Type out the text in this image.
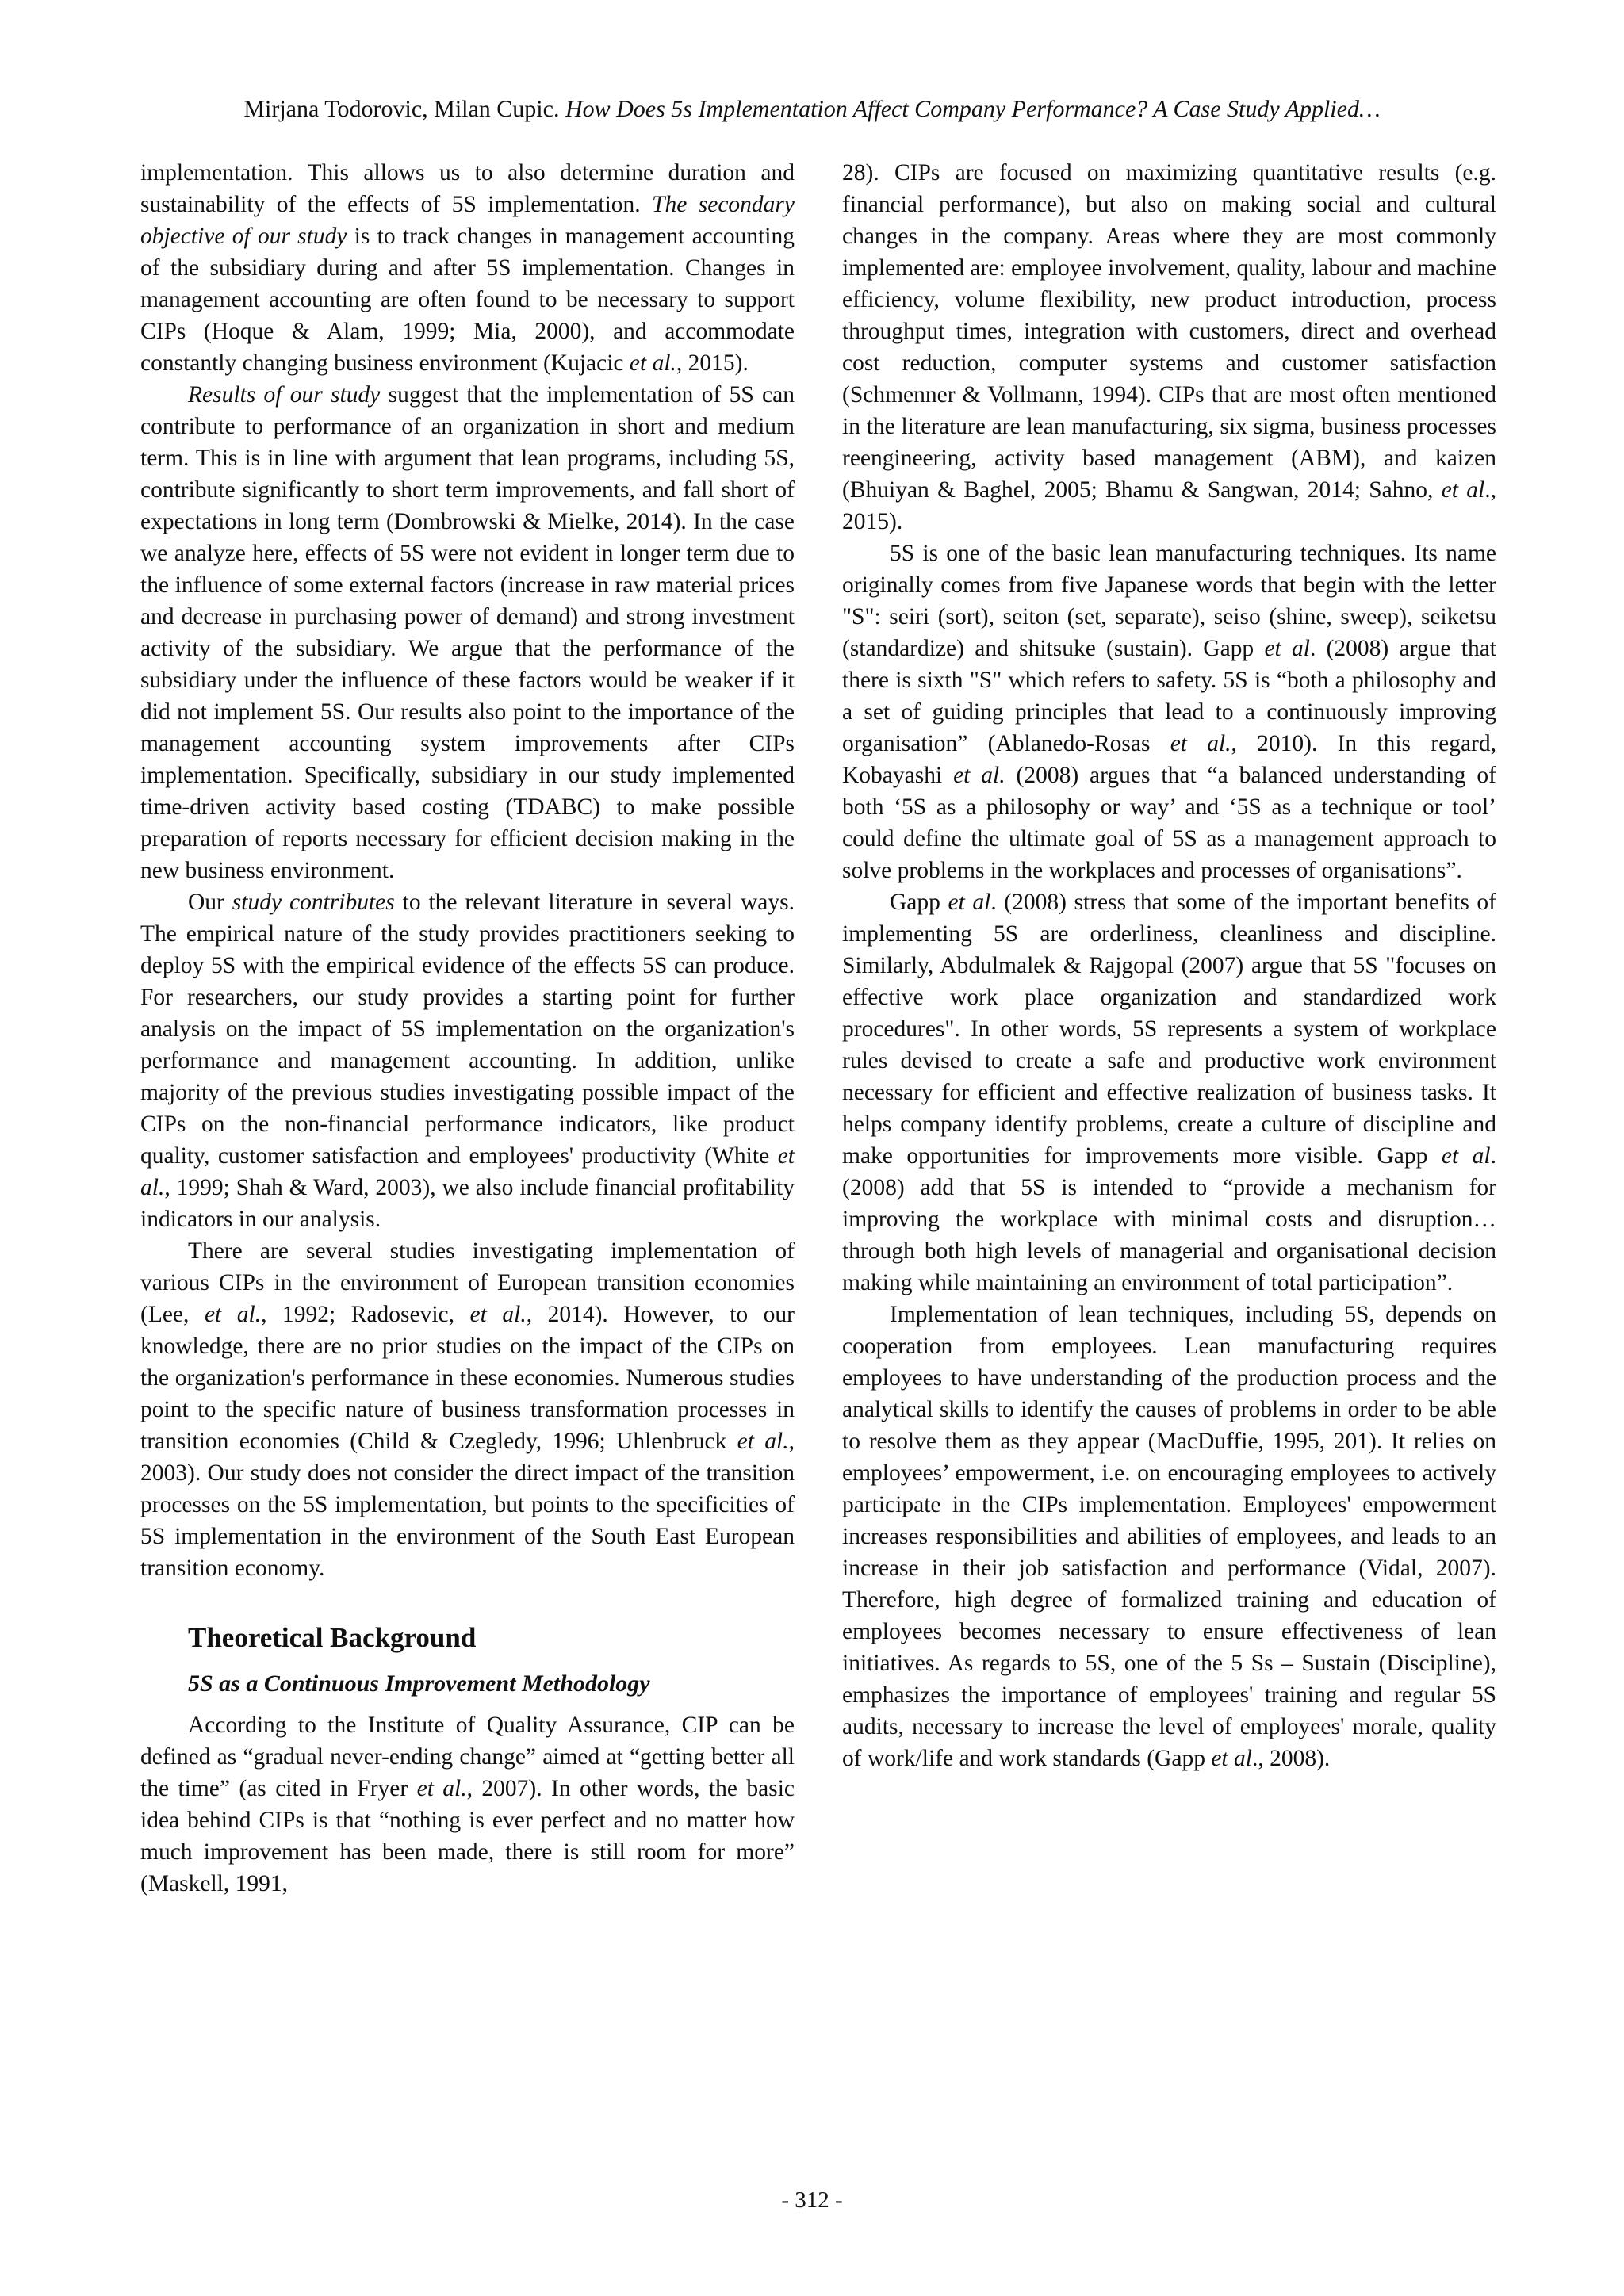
Mirjana Todorovic, Milan Cupic. How Does 5s Implementation Affect Company Performance? A Case Study Applied…

implementation. This allows us to also determine duration and sustainability of the effects of 5S implementation. The secondary objective of our study is to track changes in management accounting of the subsidiary during and after 5S implementation. Changes in management accounting are often found to be necessary to support CIPs (Hoque & Alam, 1999; Mia, 2000), and accommodate constantly changing business environment (Kujacic et al., 2015).

Results of our study suggest that the implementation of 5S can contribute to performance of an organization in short and medium term. This is in line with argument that lean programs, including 5S, contribute significantly to short term improvements, and fall short of expectations in long term (Dombrowski & Mielke, 2014). In the case we analyze here, effects of 5S were not evident in longer term due to the influence of some external factors (increase in raw material prices and decrease in purchasing power of demand) and strong investment activity of the subsidiary. We argue that the performance of the subsidiary under the influence of these factors would be weaker if it did not implement 5S. Our results also point to the importance of the management accounting system improvements after CIPs implementation. Specifically, subsidiary in our study implemented time-driven activity based costing (TDABC) to make possible preparation of reports necessary for efficient decision making in the new business environment.

Our study contributes to the relevant literature in several ways. The empirical nature of the study provides practitioners seeking to deploy 5S with the empirical evidence of the effects 5S can produce. For researchers, our study provides a starting point for further analysis on the impact of 5S implementation on the organization's performance and management accounting. In addition, unlike majority of the previous studies investigating possible impact of the CIPs on the non-financial performance indicators, like product quality, customer satisfaction and employees' productivity (White et al., 1999; Shah & Ward, 2003), we also include financial profitability indicators in our analysis.

There are several studies investigating implementation of various CIPs in the environment of European transition economies (Lee, et al., 1992; Radosevic, et al., 2014). However, to our knowledge, there are no prior studies on the impact of the CIPs on the organization's performance in these economies. Numerous studies point to the specific nature of business transformation processes in transition economies (Child & Czegledy, 1996; Uhlenbruck et al., 2003). Our study does not consider the direct impact of the transition processes on the 5S implementation, but points to the specificities of 5S implementation in the environment of the South East European transition economy.

Theoretical Background
5S as a Continuous Improvement Methodology

According to the Institute of Quality Assurance, CIP can be defined as “gradual never-ending change” aimed at “getting better all the time” (as cited in Fryer et al., 2007). In other words, the basic idea behind CIPs is that “nothing is ever perfect and no matter how much improvement has been made, there is still room for more” (Maskell, 1991,

28). CIPs are focused on maximizing quantitative results (e.g. financial performance), but also on making social and cultural changes in the company. Areas where they are most commonly implemented are: employee involvement, quality, labour and machine efficiency, volume flexibility, new product introduction, process throughput times, integration with customers, direct and overhead cost reduction, computer systems and customer satisfaction (Schmenner & Vollmann, 1994). CIPs that are most often mentioned in the literature are lean manufacturing, six sigma, business processes reengineering, activity based management (ABM), and kaizen (Bhuiyan & Baghel, 2005; Bhamu & Sangwan, 2014; Sahno, et al., 2015).

5S is one of the basic lean manufacturing techniques. Its name originally comes from five Japanese words that begin with the letter "S": seiri (sort), seiton (set, separate), seiso (shine, sweep), seiketsu (standardize) and shitsuke (sustain). Gapp et al. (2008) argue that there is sixth "S" which refers to safety. 5S is “both a philosophy and a set of guiding principles that lead to a continuously improving organisation” (Ablanedo-Rosas et al., 2010). In this regard, Kobayashi et al. (2008) argues that “a balanced understanding of both ‘5S as a philosophy or way’ and ‘5S as a technique or tool’ could define the ultimate goal of 5S as a management approach to solve problems in the workplaces and processes of organisations”.

Gapp et al. (2008) stress that some of the important benefits of implementing 5S are orderliness, cleanliness and discipline. Similarly, Abdulmalek & Rajgopal (2007) argue that 5S "focuses on effective work place organization and standardized work procedures". In other words, 5S represents a system of workplace rules devised to create a safe and productive work environment necessary for efficient and effective realization of business tasks. It helps company identify problems, create a culture of discipline and make opportunities for improvements more visible. Gapp et al. (2008) add that 5S is intended to “provide a mechanism for improving the workplace with minimal costs and disruption…through both high levels of managerial and organisational decision making while maintaining an environment of total participation”.

Implementation of lean techniques, including 5S, depends on cooperation from employees. Lean manufacturing requires employees to have understanding of the production process and the analytical skills to identify the causes of problems in order to be able to resolve them as they appear (MacDuffie, 1995, 201). It relies on employees’ empowerment, i.e. on encouraging employees to actively participate in the CIPs implementation. Employees' empowerment increases responsibilities and abilities of employees, and leads to an increase in their job satisfaction and performance (Vidal, 2007). Therefore, high degree of formalized training and education of employees becomes necessary to ensure effectiveness of lean initiatives. As regards to 5S, one of the 5 Ss – Sustain (Discipline), emphasizes the importance of employees' training and regular 5S audits, necessary to increase the level of employees' morale, quality of work/life and work standards (Gapp et al., 2008).

- 312 -
